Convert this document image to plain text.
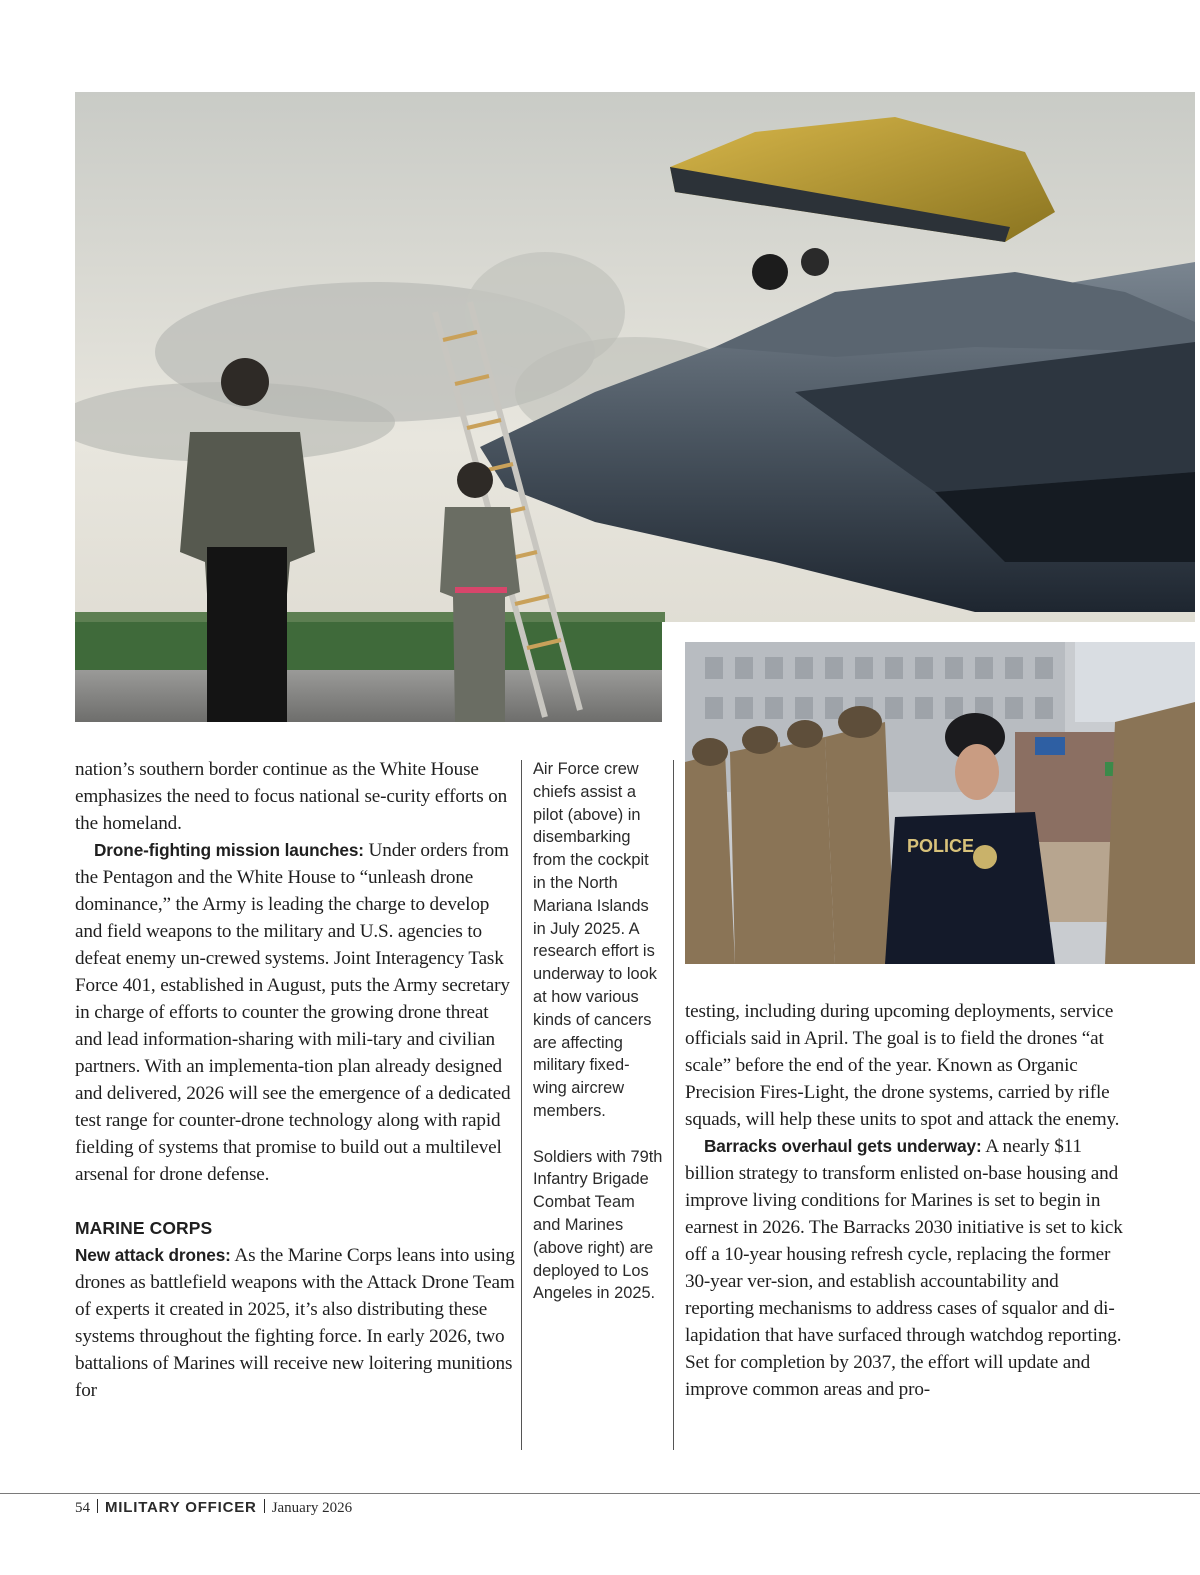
POLICE

nation’s southern border continue as the White House emphasizes the need to focus national se-curity efforts on the homeland.

Drone-fighting mission launches: Under orders from the Pentagon and the White House to “unleash drone dominance,” the Army is leading the charge to develop and field weapons to the military and U.S. agencies to defeat enemy un-crewed systems. Joint Interagency Task Force 401, established in August, puts the Army secretary in charge of efforts to counter the growing drone threat and lead information-sharing with mili-tary and civilian partners. With an implementa-tion plan already designed and delivered, 2026 will see the emergence of a dedicated test range for counter-drone technology along with rapid fielding of systems that promise to build out a multilevel arsenal for drone defense.

MARINE CORPS

New attack drones: As the Marine Corps leans into using drones as battlefield weapons with the Attack Drone Team of experts it created in 2025, it’s also distributing these systems throughout the fighting force. In early 2026, two battalions of Marines will receive new loitering munitions for

Air Force crew chiefs assist a pilot (above) in disembarking from the cockpit in the North Mariana Islands in July 2025. A research effort is underway to look at how various kinds of cancers are affecting military fixed-wing aircrew members.

Soldiers with 79th Infantry Brigade Combat Team and Marines (above right) are deployed to Los Angeles in 2025.

testing, including during upcoming deployments, service officials said in April. The goal is to field the drones “at scale” before the end of the year. Known as Organic Precision Fires-Light, the drone systems, carried by rifle squads, will help these units to spot and attack the enemy.

Barracks overhaul gets underway: A nearly $11 billion strategy to transform enlisted on-base housing and improve living conditions for Marines is set to begin in earnest in 2026. The Barracks 2030 initiative is set to kick off a 10-year housing refresh cycle, replacing the former 30-year ver-sion, and establish accountability and reporting mechanisms to address cases of squalor and di-lapidation that have surfaced through watchdog reporting. Set for completion by 2037, the effort will update and improve common areas and pro-

54 MILITARY OFFICER January 2026
